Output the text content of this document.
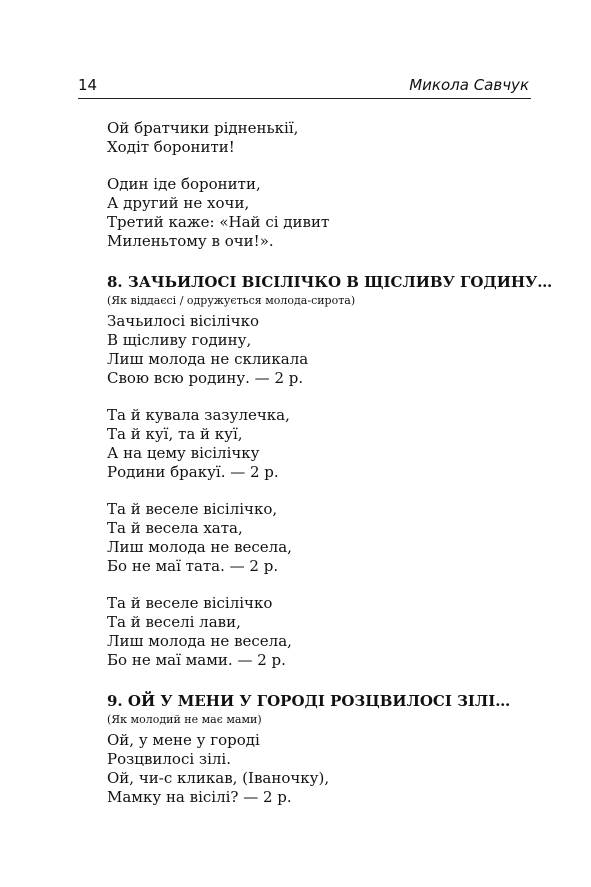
14	Микола Савчук
Ой братчики рідненькії,
Ходіт боронити!
Один іде боронити,
А другий не хочи,
Третий каже: «Най сі дивит
Миленьтому в очи!».
8. ЗАЧЬИЛОСІ ВІСІЛІЧКО В ЩІСЛИВУ ГОДИНУ…
(Як віддаєсі / одружується молода-сирота)
Зачьилосі вісілічко
В щісливу годину,
Лиш молода не скликала
Свою всю родину. — 2 р.
Та й кувала зазулечка,
Та й куї, та й куї,
А на цему вісілічку
Родини бракуї. — 2 р.
Та й веселе вісілічко,
Та й весела хата,
Лиш молода не весела,
Бо не маї тата. — 2 р.
Та й веселе вісілічко
Та й веселі лави,
Лиш молода не весела,
Бо не маї мами. — 2 р.
9. ОЙ У МЕНИ У ГОРОДІ РОЗЦВИЛОСІ ЗІЛІ…
(Як молодий не має мами)
Ой, у мене у городі
Розцвилосі зілі.
Ой, чи-с кликав, (Іваночку),
Мамку на вісілі? — 2 р.
